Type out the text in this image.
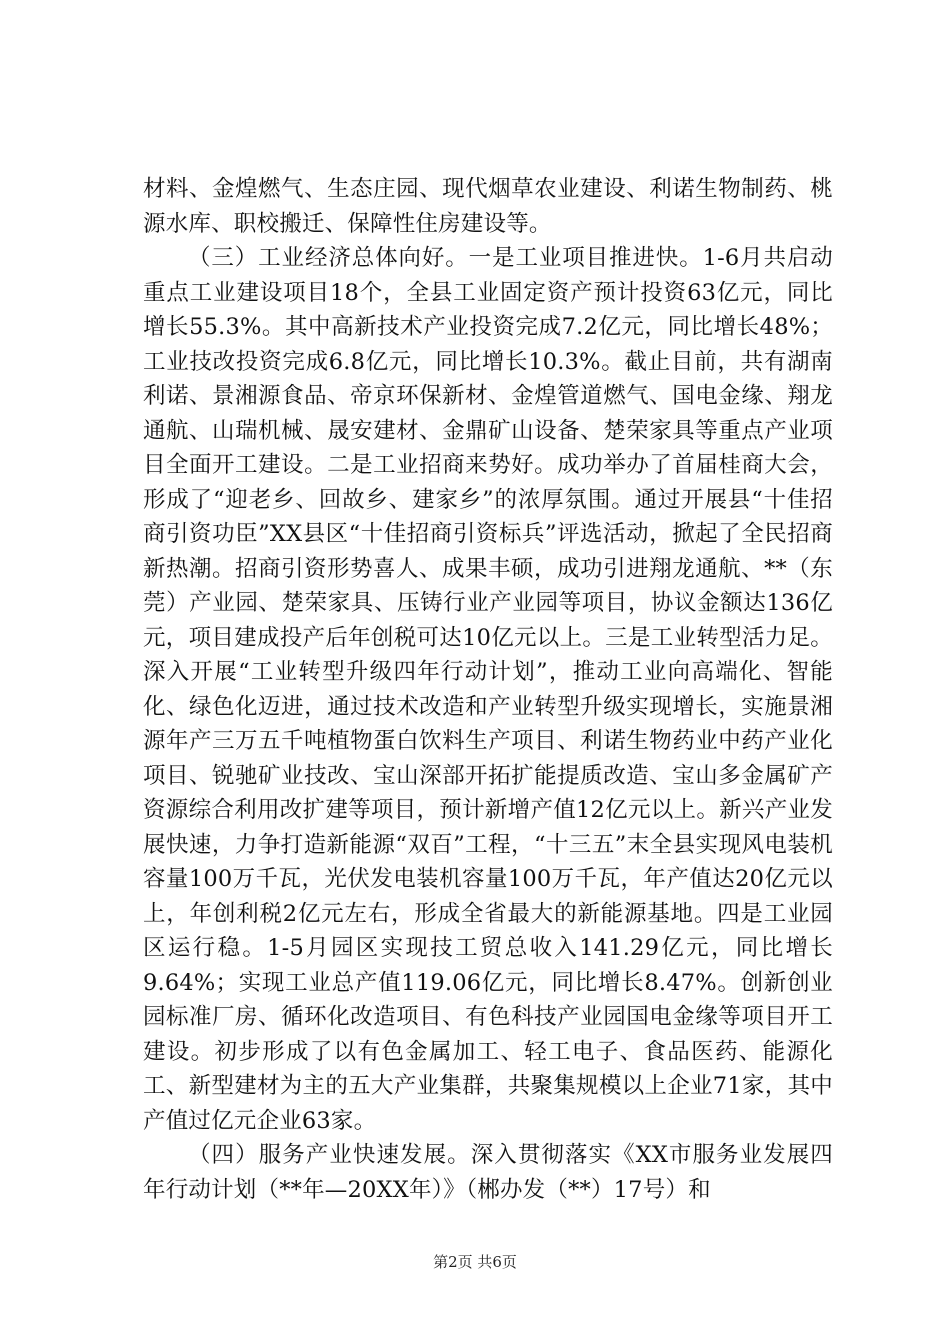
材料、金煌燃气、生态庄园、现代烟草农业建设、利诺生物制药、桃源水库、职校搬迁、保障性住房建设等。

（三）工业经济总体向好。一是工业项目推进快。1-6月共启动重点工业建设项目18个，全县工业固定资产预计投资63亿元，同比增长55.3%。其中高新技术产业投资完成7.2亿元，同比增长48%；工业技改投资完成6.8亿元，同比增长10.3%。截止目前，共有湖南利诺、景湘源食品、帝京环保新材、金煌管道燃气、国电金缘、翔龙通航、山瑞机械、晟安建材、金鼎矿山设备、楚荣家具等重点产业项目全面开工建设。二是工业招商来势好。成功举办了首届桂商大会，形成了“迎老乡、回故乡、建家乡”的浓厚氛围。通过开展县“十佳招商引资功臣”XX县区“十佳招商引资标兵”评选活动，掀起了全民招商新热潮。招商引资形势喜人、成果丰硕，成功引进翔龙通航、**（东莞）产业园、楚荣家具、压铸行业产业园等项目，协议金额达136亿元，项目建成投产后年创税可达10亿元以上。三是工业转型活力足。深入开展“工业转型升级四年行动计划”，推动工业向高端化、智能化、绿色化迈进，通过技术改造和产业转型升级实现增长，实施景湘源年产三万五千吨植物蛋白饮料生产项目、利诺生物药业中药产业化项目、锐驰矿业技改、宝山深部开拓扩能提质改造、宝山多金属矿产资源综合利用改扩建等项目，预计新增产值12亿元以上。新兴产业发展快速，力争打造新能源“双百”工程，“十三五”末全县实现风电装机容量100万千瓦，光伏发电装机容量100万千瓦，年产值达20亿元以上，年创利税2亿元左右，形成全省最大的新能源基地。四是工业园区运行稳。1-5月园区实现技工贸总收入141.29亿元，同比增长9.64%；实现工业总产值119.06亿元，同比增长8.47%。创新创业园标准厂房、循环化改造项目、有色科技产业园国电金缘等项目开工建设。初步形成了以有色金属加工、轻工电子、食品医药、能源化工、新型建材为主的五大产业集群，共聚集规模以上企业71家，其中产值过亿元企业63家。

（四）服务产业快速发展。深入贯彻落实《XX市服务业发展四年行动计划（**年—20XX年）》（郴办发（**）17号）和

第2页 共6页
